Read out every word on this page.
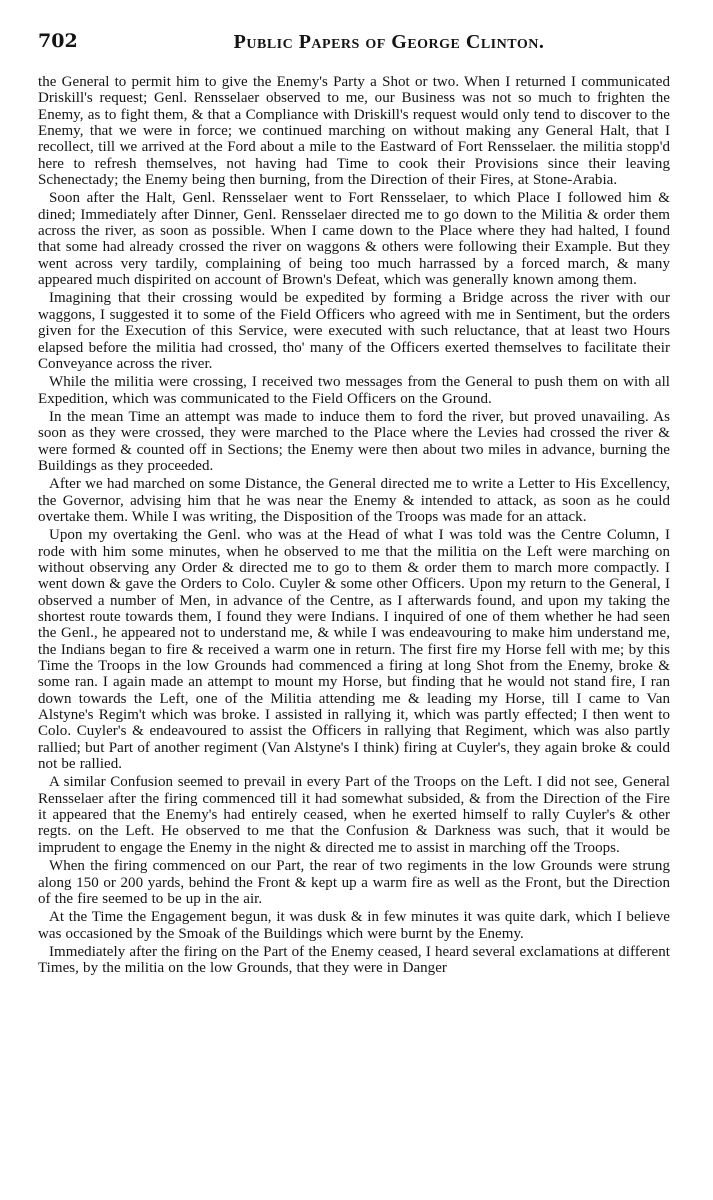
702	Public Papers of George Clinton.

the General to permit him to give the Enemy's Party a Shot or two. When I returned I communicated Driskill's request; Genl. Rensselaer observed to me, our Business was not so much to frighten the Enemy, as to fight them, & that a Compliance with Driskill's request would only tend to discover to the Enemy, that we were in force; we continued marching on without making any General Halt, that I recollect, till we arrived at the Ford about a mile to the Eastward of Fort Rensselaer. the militia stopp'd here to refresh themselves, not having had Time to cook their Provisions since their leaving Schenectady; the Enemy being then burning, from the Direction of their Fires, at Stone-Arabia.

Soon after the Halt, Genl. Rensselaer went to Fort Rensselaer, to which Place I followed him & dined; Immediately after Dinner, Genl. Rensselaer directed me to go down to the Militia & order them across the river, as soon as possible. When I came down to the Place where they had halted, I found that some had already crossed the river on waggons & others were following their Example. But they went across very tardily, complaining of being too much harrassed by a forced march, & many appeared much dispirited on account of Brown's Defeat, which was generally known among them.

Imagining that their crossing would be expedited by forming a Bridge across the river with our waggons, I suggested it to some of the Field Officers who agreed with me in Sentiment, but the orders given for the Execution of this Service, were executed with such reluctance, that at least two Hours elapsed before the militia had crossed, tho' many of the Officers exerted themselves to facilitate their Conveyance across the river.

While the militia were crossing, I received two messages from the General to push them on with all Expedition, which was communicated to the Field Officers on the Ground.

In the mean Time an attempt was made to induce them to ford the river, but proved unavailing. As soon as they were crossed, they were marched to the Place where the Levies had crossed the river & were formed & counted off in Sections; the Enemy were then about two miles in advance, burning the Buildings as they proceeded.

After we had marched on some Distance, the General directed me to write a Letter to His Excellency, the Governor, advising him that he was near the Enemy & intended to attack, as soon as he could overtake them. While I was writing, the Disposition of the Troops was made for an attack.

Upon my overtaking the Genl. who was at the Head of what I was told was the Centre Column, I rode with him some minutes, when he observed to me that the militia on the Left were marching on without observing any Order & directed me to go to them & order them to march more compactly. I went down & gave the Orders to Colo. Cuyler & some other Officers. Upon my return to the General, I observed a number of Men, in advance of the Centre, as I afterwards found, and upon my taking the shortest route towards them, I found they were Indians. I inquired of one of them whether he had seen the Genl., he appeared not to understand me, & while I was endeavouring to make him understand me, the Indians began to fire & received a warm one in return. The first fire my Horse fell with me; by this Time the Troops in the low Grounds had commenced a firing at long Shot from the Enemy, broke & some ran. I again made an attempt to mount my Horse, but finding that he would not stand fire, I ran down towards the Left, one of the Militia attending me & leading my Horse, till I came to Van Alstyne's Regim't which was broke. I assisted in rallying it, which was partly effected; I then went to Colo. Cuyler's & endeavoured to assist the Officers in rallying that Regiment, which was also partly rallied; but Part of another regiment (Van Alstyne's I think) firing at Cuyler's, they again broke & could not be rallied.

A similar Confusion seemed to prevail in every Part of the Troops on the Left. I did not see, General Rensselaer after the firing commenced till it had somewhat subsided, & from the Direction of the Fire it appeared that the Enemy's had entirely ceased, when he exerted himself to rally Cuyler's & other regts. on the Left. He observed to me that the Confusion & Darkness was such, that it would be imprudent to engage the Enemy in the night & directed me to assist in marching off the Troops.

When the firing commenced on our Part, the rear of two regiments in the low Grounds were strung along 150 or 200 yards, behind the Front & kept up a warm fire as well as the Front, but the Direction of the fire seemed to be up in the air.

At the Time the Engagement begun, it was dusk & in few minutes it was quite dark, which I believe was occasioned by the Smoak of the Buildings which were burnt by the Enemy.

Immediately after the firing on the Part of the Enemy ceased, I heard several exclamations at different Times, by the militia on the low Grounds, that they were in Danger
